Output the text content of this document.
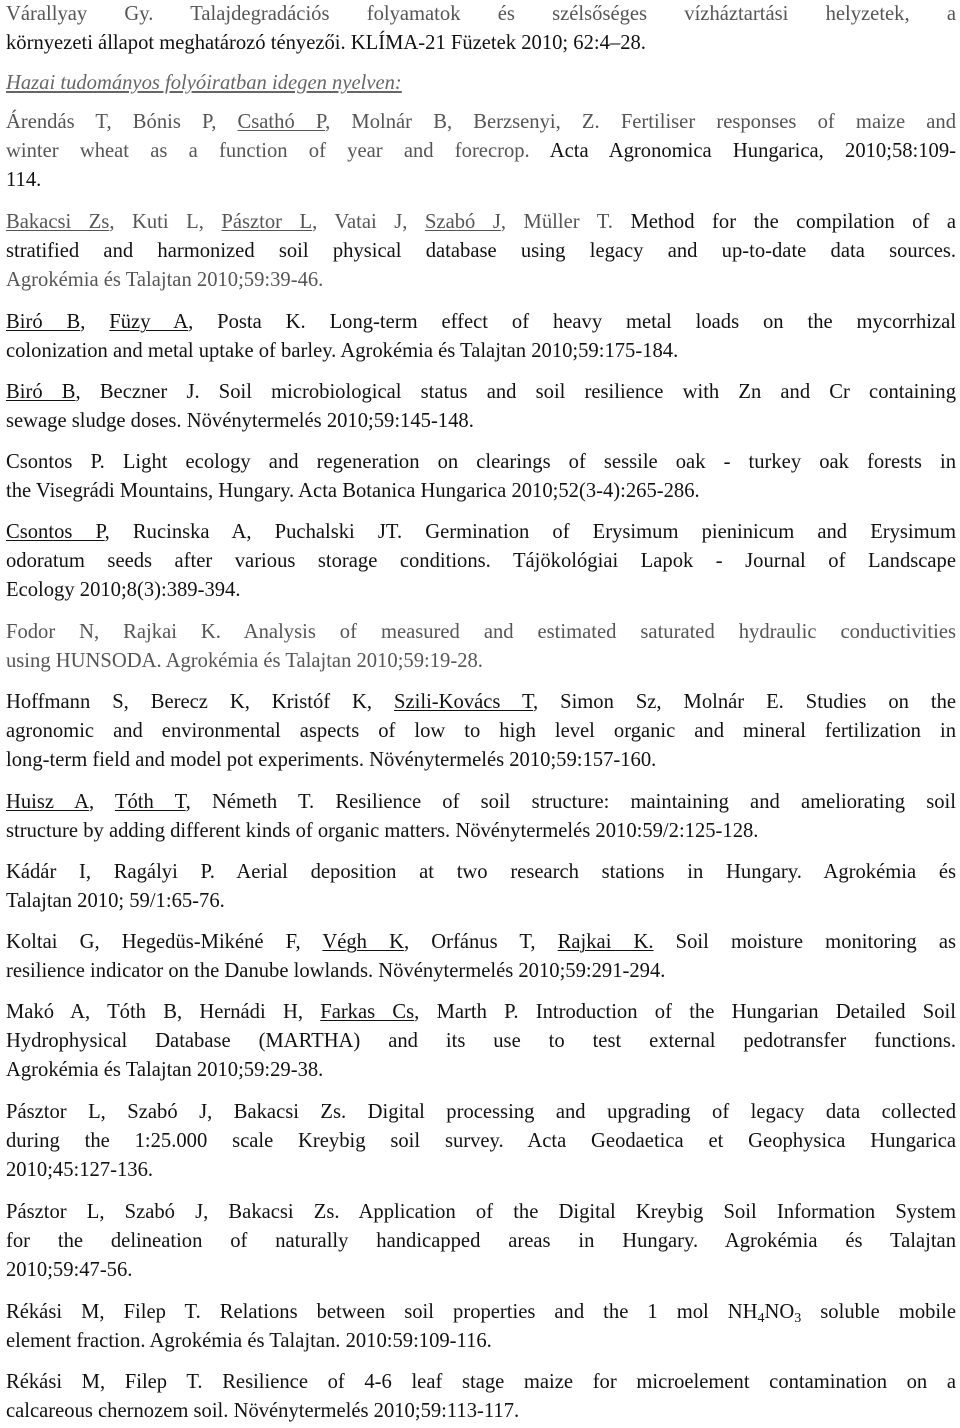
Várallyay Gy. Talajdegradációs folyamatok és szélsőséges vízháztartási helyzetek, a
környezeti állapot meghatározó tényezői. KLÍMA-21 Füzetek 2010; 62:4–28.
Hazai tudományos folyóiratban idegen nyelven:
Árendás T, Bónis P, Csathó P, Molnár B, Berzsenyi, Z. Fertiliser responses of maize and
winter wheat as a function of year and forecrop. Acta Agronomica Hungarica, 2010;58:109-
114.
Bakacsi Zs, Kuti L, Pásztor L, Vatai J, Szabó J, Müller T. Method for the compilation of a
stratified and harmonized soil physical database using legacy and up-to-date data sources.
Agrokémia és Talajtan 2010;59:39-46.
Biró B, Füzy A, Posta K. Long-term effect of heavy metal loads on the mycorrhizal
colonization and metal uptake of barley. Agrokémia és Talajtan 2010;59:175-184.
Biró B, Beczner J. Soil microbiological status and soil resilience with Zn and Cr containing
sewage sludge doses. Növénytermelés 2010;59:145-148.
Csontos P. Light ecology and regeneration on clearings of sessile oak - turkey oak forests in
the Visegrádi Mountains, Hungary. Acta Botanica Hungarica 2010;52(3-4):265-286.
Csontos P, Rucinska A, Puchalski JT. Germination of Erysimum pieninicum and Erysimum
odoratum seeds after various storage conditions. Tájökológiai Lapok - Journal of Landscape
Ecology 2010;8(3):389-394.
Fodor N, Rajkai K. Analysis of measured and estimated saturated hydraulic conductivities
using HUNSODA. Agrokémia és Talajtan 2010;59:19-28.
Hoffmann S, Berecz K, Kristóf K, Szili-Kovács T, Simon Sz, Molnár E. Studies on the
agronomic and environmental aspects of low to high level organic and mineral fertilization in
long-term field and model pot experiments. Növénytermelés 2010;59:157-160.
Huisz A, Tóth T, Németh T. Resilience of soil structure: maintaining and ameliorating soil
structure by adding different kinds of organic matters. Növénytermelés 2010:59/2:125-128.
Kádár I, Ragályi P. Aerial deposition at two research stations in Hungary. Agrokémia és
Talajtan 2010; 59/1:65-76.
Koltai G, Hegedüs-Mikéné F, Végh K, Orfánus T, Rajkai K. Soil moisture monitoring as
resilience indicator on the Danube lowlands. Növénytermelés 2010;59:291-294.
Makó A, Tóth B, Hernádi H, Farkas Cs, Marth P. Introduction of the Hungarian Detailed Soil
Hydrophysical Database (MARTHA) and its use to test external pedotransfer functions.
Agrokémia és Talajtan 2010;59:29-38.
Pásztor L, Szabó J, Bakacsi Zs. Digital processing and upgrading of legacy data collected
during the 1:25.000 scale Kreybig soil survey. Acta Geodaetica et Geophysica Hungarica
2010;45:127-136.
Pásztor L, Szabó J, Bakacsi Zs. Application of the Digital Kreybig Soil Information System
for the delineation of naturally handicapped areas in Hungary. Agrokémia és Talajtan
2010;59:47-56.
Rékási M, Filep T. Relations between soil properties and the 1 mol $NH_4NO_3$ soluble mobile
element fraction. Agrokémia és Talajtan. 2010:59:109-116.
Rékási M, Filep T. Resilience of 4-6 leaf stage maize for microelement contamination on a
calcareous chernozem soil. Növénytermelés 2010;59:113-117.
